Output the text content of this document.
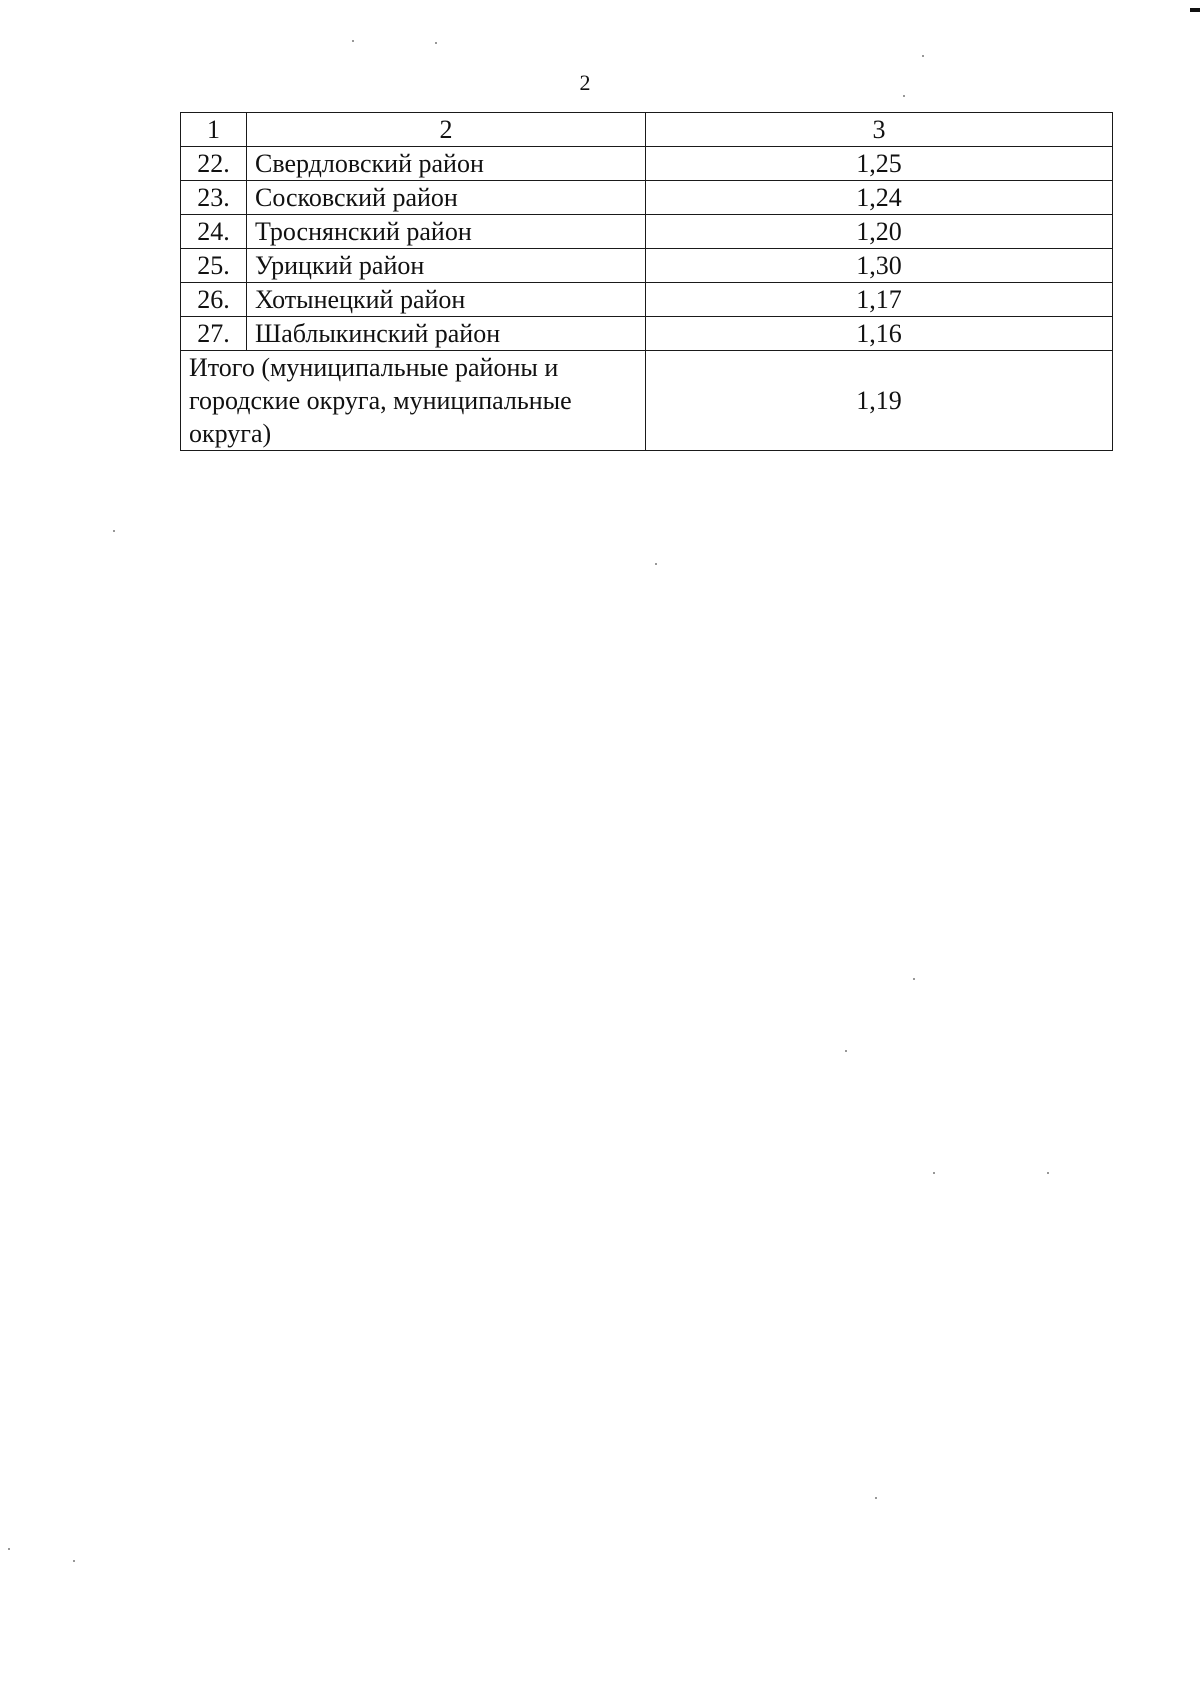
2
1	2	3
22.	Свердловский район	1,25
23.	Сосковский район	1,24
24.	Троснянский район	1,20
25.	Урицкий район	1,30
26.	Хотынецкий район	1,17
27.	Шаблыкинский район	1,16
Итого (муниципальные районы и городские округа, муниципальные округа)		1,19
